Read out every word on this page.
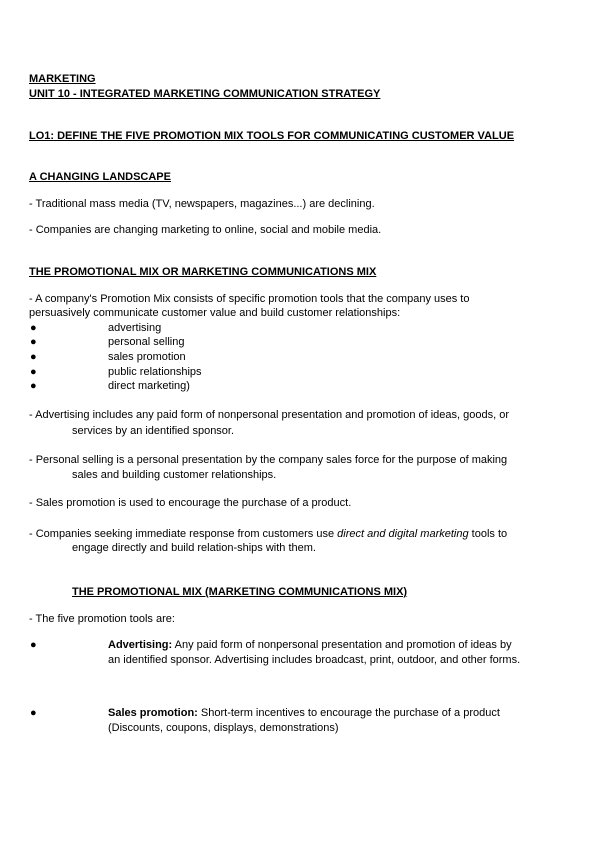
MARKETING
UNIT 10 - INTEGRATED MARKETING COMMUNICATION STRATEGY
LO1: DEFINE THE FIVE PROMOTION MIX TOOLS FOR COMMUNICATING CUSTOMER VALUE
A CHANGING LANDSCAPE
- Traditional mass media (TV, newspapers, magazines...) are declining.
- Companies are changing marketing to online, social and mobile media.
THE PROMOTIONAL MIX OR MARKETING COMMUNICATIONS MIX
- A company's Promotion Mix consists of specific promotion tools that the company uses to
persuasively communicate customer value and build customer relationships:
●	advertising
●	personal selling
●	sales promotion
●	public relationships
●	direct marketing)
- Advertising includes any paid form of nonpersonal presentation and promotion of ideas, goods, or
services by an identified sponsor.
- Personal selling is a personal presentation by the company sales force for the purpose of making
sales and building customer relationships.
- Sales promotion is used to encourage the purchase of a product.
- Companies seeking immediate response from customers use direct and digital marketing tools to
engage directly and build relation-ships with them.
THE PROMOTIONAL MIX (MARKETING COMMUNICATIONS MIX)
- The five promotion tools are:
●	Advertising: Any paid form of nonpersonal presentation and promotion of ideas by
an identified sponsor. Advertising includes broadcast, print, outdoor, and other forms.
●	Sales promotion: Short-term incentives to encourage the purchase of a product
(Discounts, coupons, displays, demonstrations)
